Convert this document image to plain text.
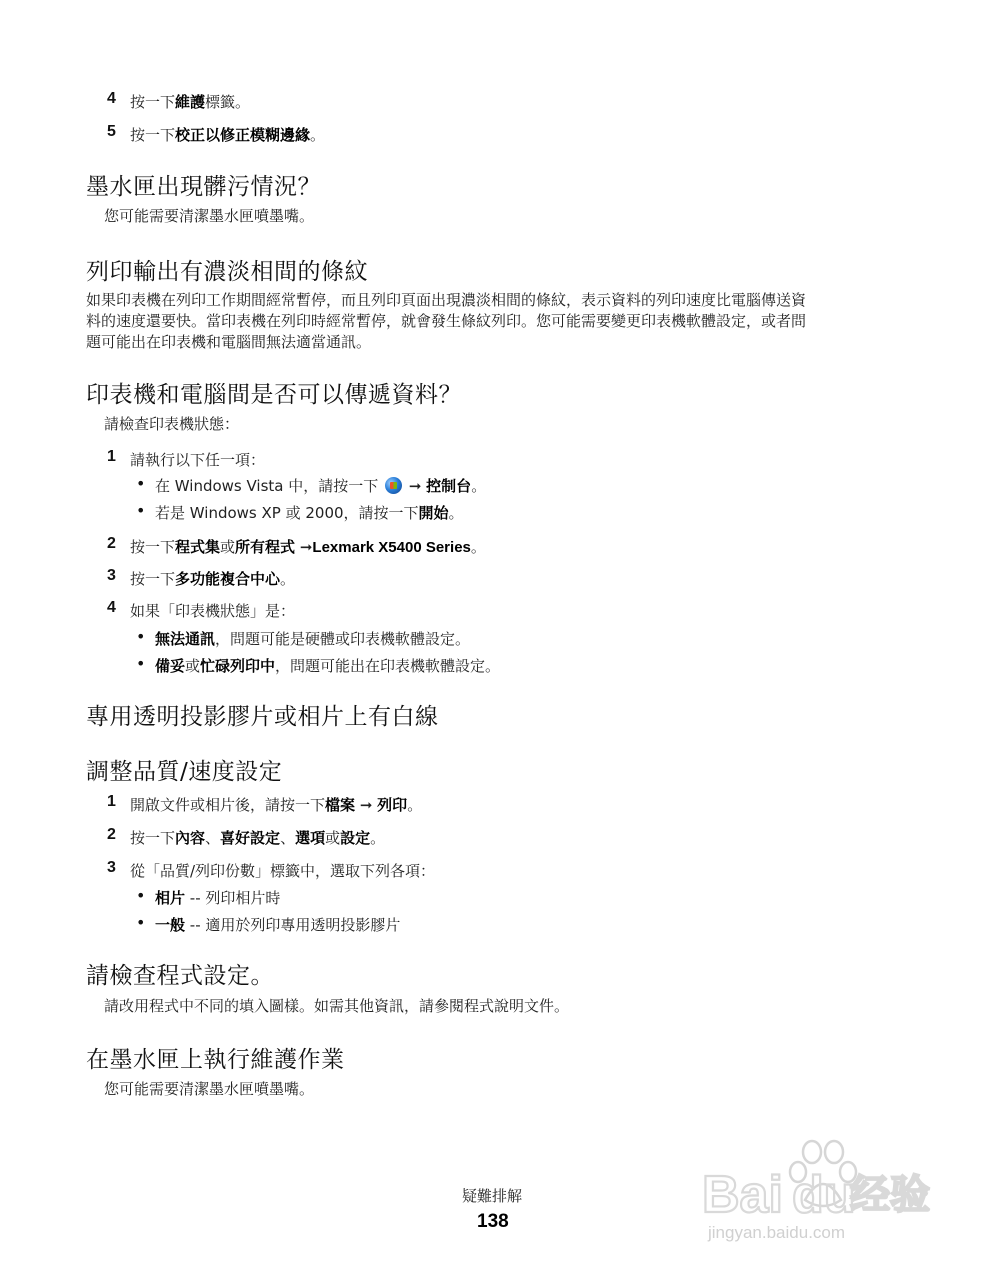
4 按一下維護標籤。
5 按一下校正以修正模糊邊緣。
墨水匣出現髒污情況？
您可能需要清潔墨水匣噴墨嘴。
列印輸出有濃淡相間的條紋
如果印表機在列印工作期間經常暫停，而且列印頁面出現濃淡相間的條紋，表示資料的列印速度比電腦傳送資
料的速度還要快。當印表機在列印時經常暫停，就會發生條紋列印。您可能需要變更印表機軟體設定，或者問
題可能出在印表機和電腦間無法適當通訊。
印表機和電腦間是否可以傳遞資料？
請檢查印表機狀態：
1 請執行以下任一項：
• 在 Windows Vista 中，請按一下  ➞ 控制台。
• 若是 Windows XP 或 2000，請按一下開始。
2 按一下程式集或所有程式 ➞Lexmark X5400 Series。
3 按一下多功能複合中心。
4 如果「印表機狀態」是：
• 無法通訊，問題可能是硬體或印表機軟體設定。
• 備妥或忙碌列印中，問題可能出在印表機軟體設定。
專用透明投影膠片或相片上有白線
調整品質/速度設定
1 開啟文件或相片後，請按一下檔案 ➞ 列印。
2 按一下內容、喜好設定、選項或設定。
3 從「品質/列印份數」標籤中，選取下列各項：
• 相片 -- 列印相片時
• 一般 -- 適用於列印專用透明投影膠片
請檢查程式設定。
請改用程式中不同的填入圖樣。如需其他資訊，請參閱程式說明文件。
在墨水匣上執行維護作業
您可能需要清潔墨水匣噴墨嘴。
疑難排解
138	Bai du
经验
jingyan.baidu.com
